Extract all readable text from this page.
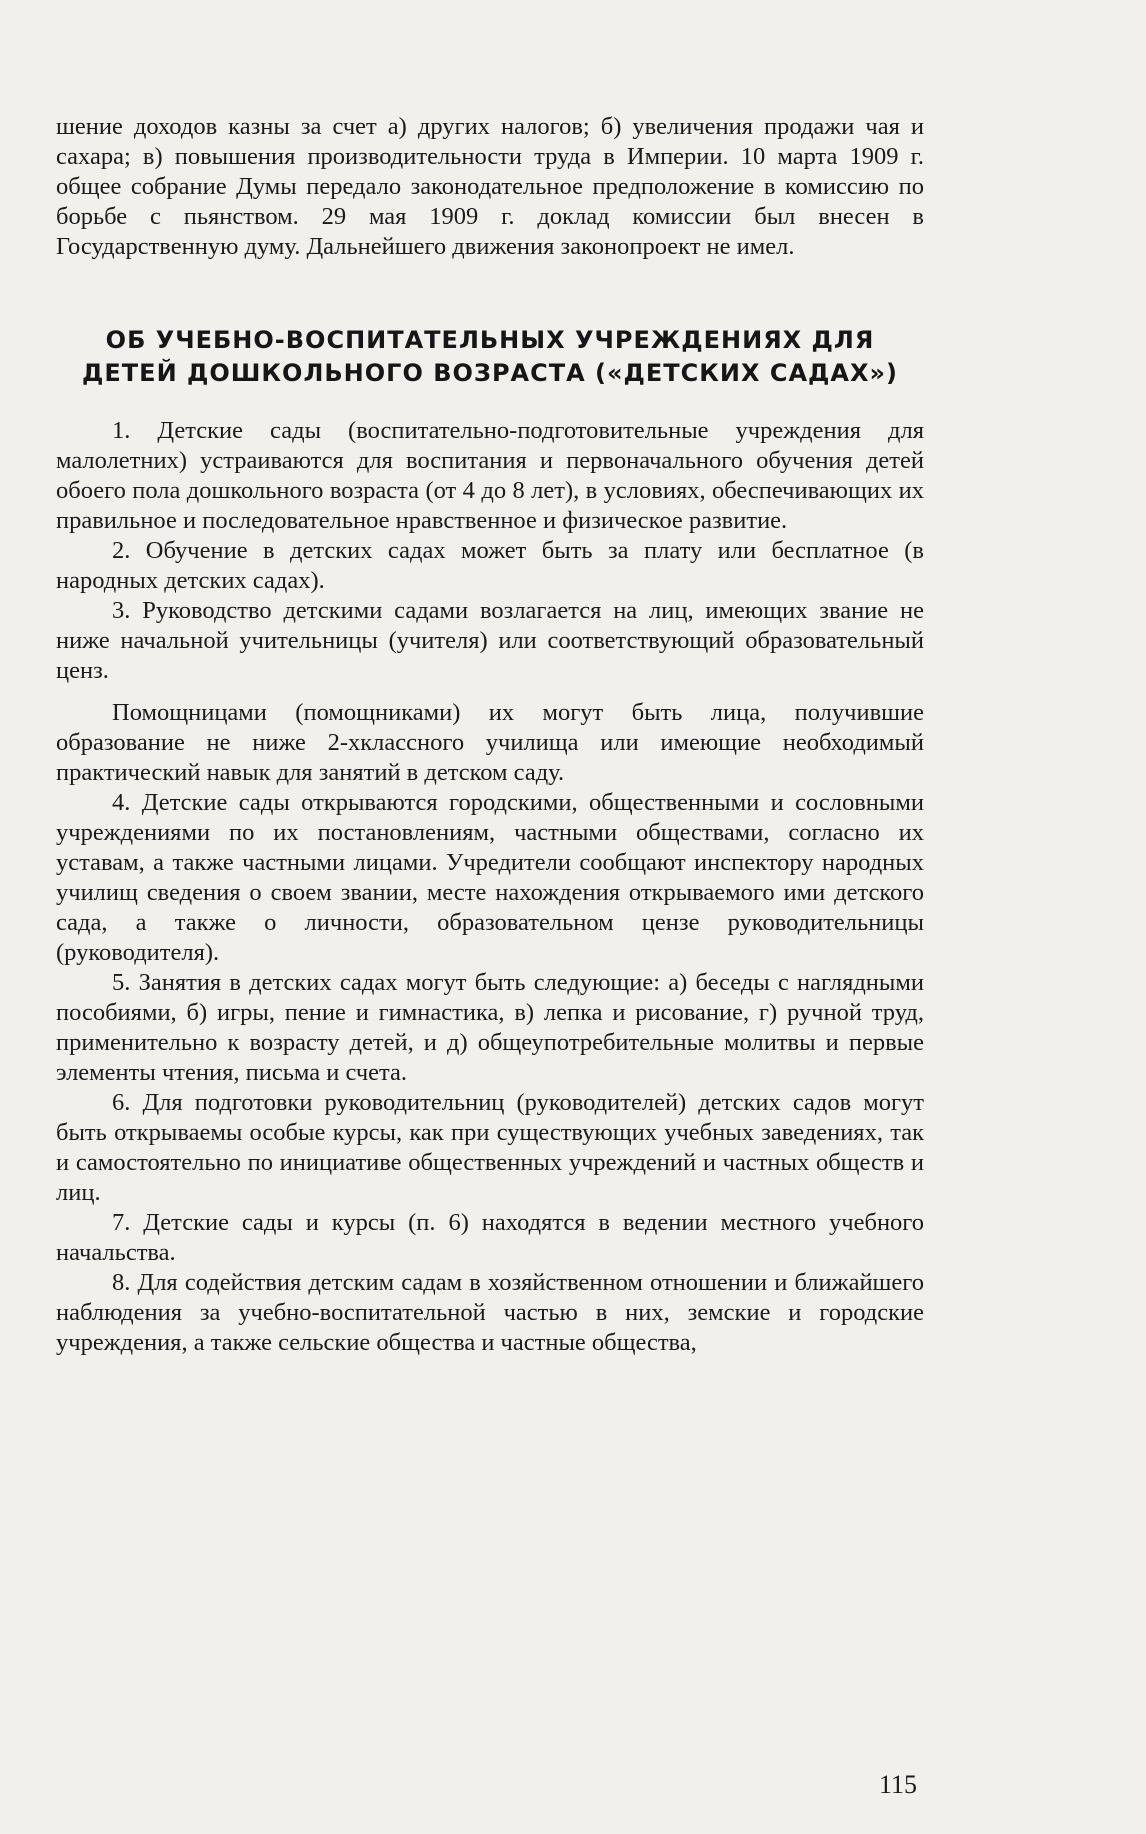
шение доходов казны за счет а) других налогов; б) увеличения продажи чая и сахара; в) повышения производительности труда в Империи. 10 марта 1909 г. общее собрание Думы передало законодательное предположение в комиссию по борьбе с пьянством. 29 мая 1909 г. доклад комиссии был внесен в Государственную думу. Дальнейшего движения законопроект не имел.

ОБ УЧЕБНО-ВОСПИТАТЕЛЬНЫХ УЧРЕЖДЕНИЯХ ДЛЯ ДЕТЕЙ ДОШКОЛЬНОГО ВОЗРАСТА («ДЕТСКИХ САДАХ»)

1. Детские сады (воспитательно-подготовительные учреждения для малолетних) устраиваются для воспитания и первоначального обучения детей обоего пола дошкольного возраста (от 4 до 8 лет), в условиях, обеспечивающих их правильное и последовательное нравственное и физическое развитие.

2. Обучение в детских садах может быть за плату или бесплатное (в народных детских садах).

3. Руководство детскими садами возлагается на лиц, имеющих звание не ниже начальной учительницы (учителя) или соответствующий образовательный ценз.

Помощницами (помощниками) их могут быть лица, получившие образование не ниже 2-хклассного училища или имеющие необходимый практический навык для занятий в детском саду.

4. Детские сады открываются городскими, общественными и сословными учреждениями по их постановлениям, частными обществами, согласно их уставам, а также частными лицами. Учредители сообщают инспектору народных училищ сведения о своем звании, месте нахождения открываемого ими детского сада, а также о личности, образовательном цензе руководительницы (руководителя).

5. Занятия в детских садах могут быть следующие: а) беседы с наглядными пособиями, б) игры, пение и гимнастика, в) лепка и рисование, г) ручной труд, применительно к возрасту детей, и д) общеупотребительные молитвы и первые элементы чтения, письма и счета.

6. Для подготовки руководительниц (руководителей) детских садов могут быть открываемы особые курсы, как при существующих учебных заведениях, так и самостоятельно по инициативе общественных учреждений и частных обществ и лиц.

7. Детские сады и курсы (п. 6) находятся в ведении местного учебного начальства.

8. Для содействия детским садам в хозяйственном отношении и ближайшего наблюдения за учебно-воспитательной частью в них, земские и городские учреждения, а также сельские общества и частные общества,

115
